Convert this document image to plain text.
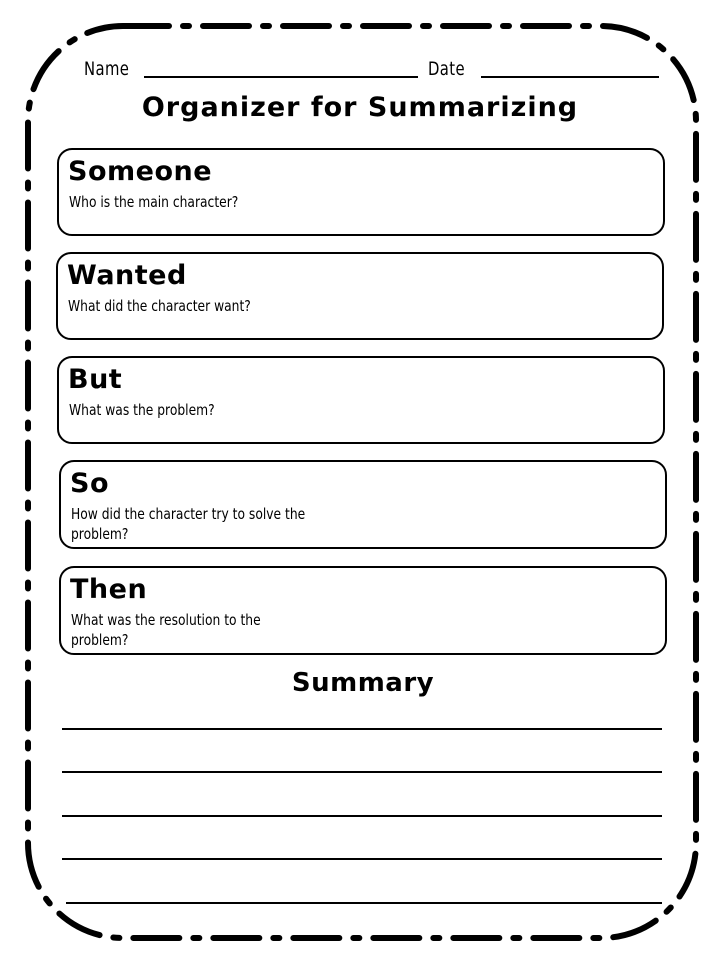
Name	Date
Organizer for Summarizing
Someone
Who is the main character?
Wanted
What did the character want?
But
What was the problem?
So
How did the character try to solve the problem?
Then
What was the resolution to the problem?
Summary
